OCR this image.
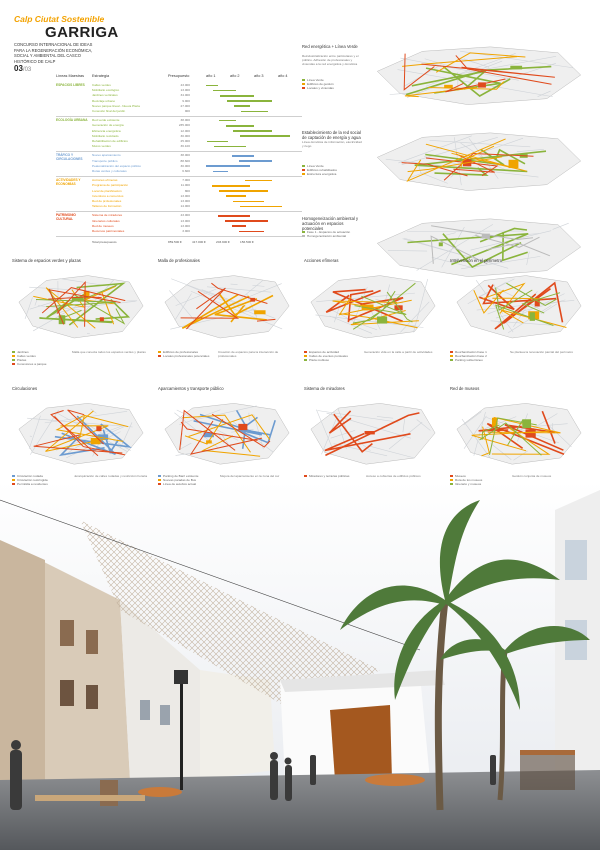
Calp Ciutat Sostenible
GARRIGA
CONCURSO INTERNACIONAL DE IDEAS PARA LA REGENERACIÓN ECONÓMICA, SOCIAL Y AMBIENTAL DEL CASCO HISTÓRICO DE CALP
03/03
Líneas Maestras Estrategia	Presupuesto	año 1	año 2	año 3	año 4
ESPACIOS LIBRES	Calles verdes	43.000
Mobiliario ecológico	13.000
Jardines verticales	34.000
Reciclaje urbano	9.900
Nuevo parque lineal - Nueva Plaza	27.000
Conexión final del jardín	900
ECOLOGÍA URBANA Red verde existente	38.000
Generación de energía	235.000
Eficiencia energética	12.000
Mobiliario reciclado	30.000
Rehabilitación de edificios	25.000
Muros verdes	36.100
TRÁFICO Y CIRCULACIONES
Nuevo aparcamiento	38.000
Transporte público	88.600
Peatonalización del espacio público	30.000
Rutas verdes y culturales	6.600
ACTIVIDADES Y ECONOMÍAS
Acciones efímeras	7.000
Programa de participación	11.000
Local de planificación	800
Incentivos a comercios	13.000
Red de profesionales	13.000
Talleres de formación	14.000
PATRIMONIO CULTURAL
Sistema de miradores	43.000
Itinerarios culturales	13.000
Red de museos	13.000
Recursos patrimoniales	3.900
Total presupuesto	859.500 €	417.000 €	203.900 €	156.500 €
Red energética + Línea Verde
Reindustrialización entre particulares y el público. Adhesión de profesionales y viviendas a la red energética y domótica
Línea Verde
Edificios de gestión
Locales y viviendas
Establecimiento de la red social de captación de energía y agua
Línea domótica de información, electricidad y riego
Línea Verde
Edificios rehabilitados
Estructura energética
Homogeneización ambiental y actuación en espacios potenciales
Fase 1 - Espacios de actuación
Homogeneización ambiental
Sistema de espacios verdes y plazas
Jardines
Calles verdes
Plazas
Conexiones a parque
Malla que conecta todos los espacios verdes y plazas
Malla de profesionales
Edificios de profesionales
Locales profesionales potenciales
Creación de espacios para la interacción de profesionales
Acciones efímeras
Espacios de actividad
Calles de eventos puntuales
Plaza multiuso
Generación vida en la calle a partir de actividades
Intervención en el perímetro
Reurbanización Fase 1
Reurbanización Fase 2
Parking subterráneo
Se plantea la renovación parcial del perímetro
Circulaciones
Circulación rodada
Circulación restringida
Permitida a residentes
Jerarquización de calles rodadas y restricción horaria
Aparcamientos y transporte público
Parking de Barri existente
Nuevas paradas de Bus
Línea de autobús actual
Mejora del aparcamiento en la zona del sur
Sistema de miradores
Miradores y terrazas públicas	Acceso a cubiertas de edificios públicos
Red de museos
Museos
Ruta de los museos
Itinerario y museos
Gestión conjunta de museos
